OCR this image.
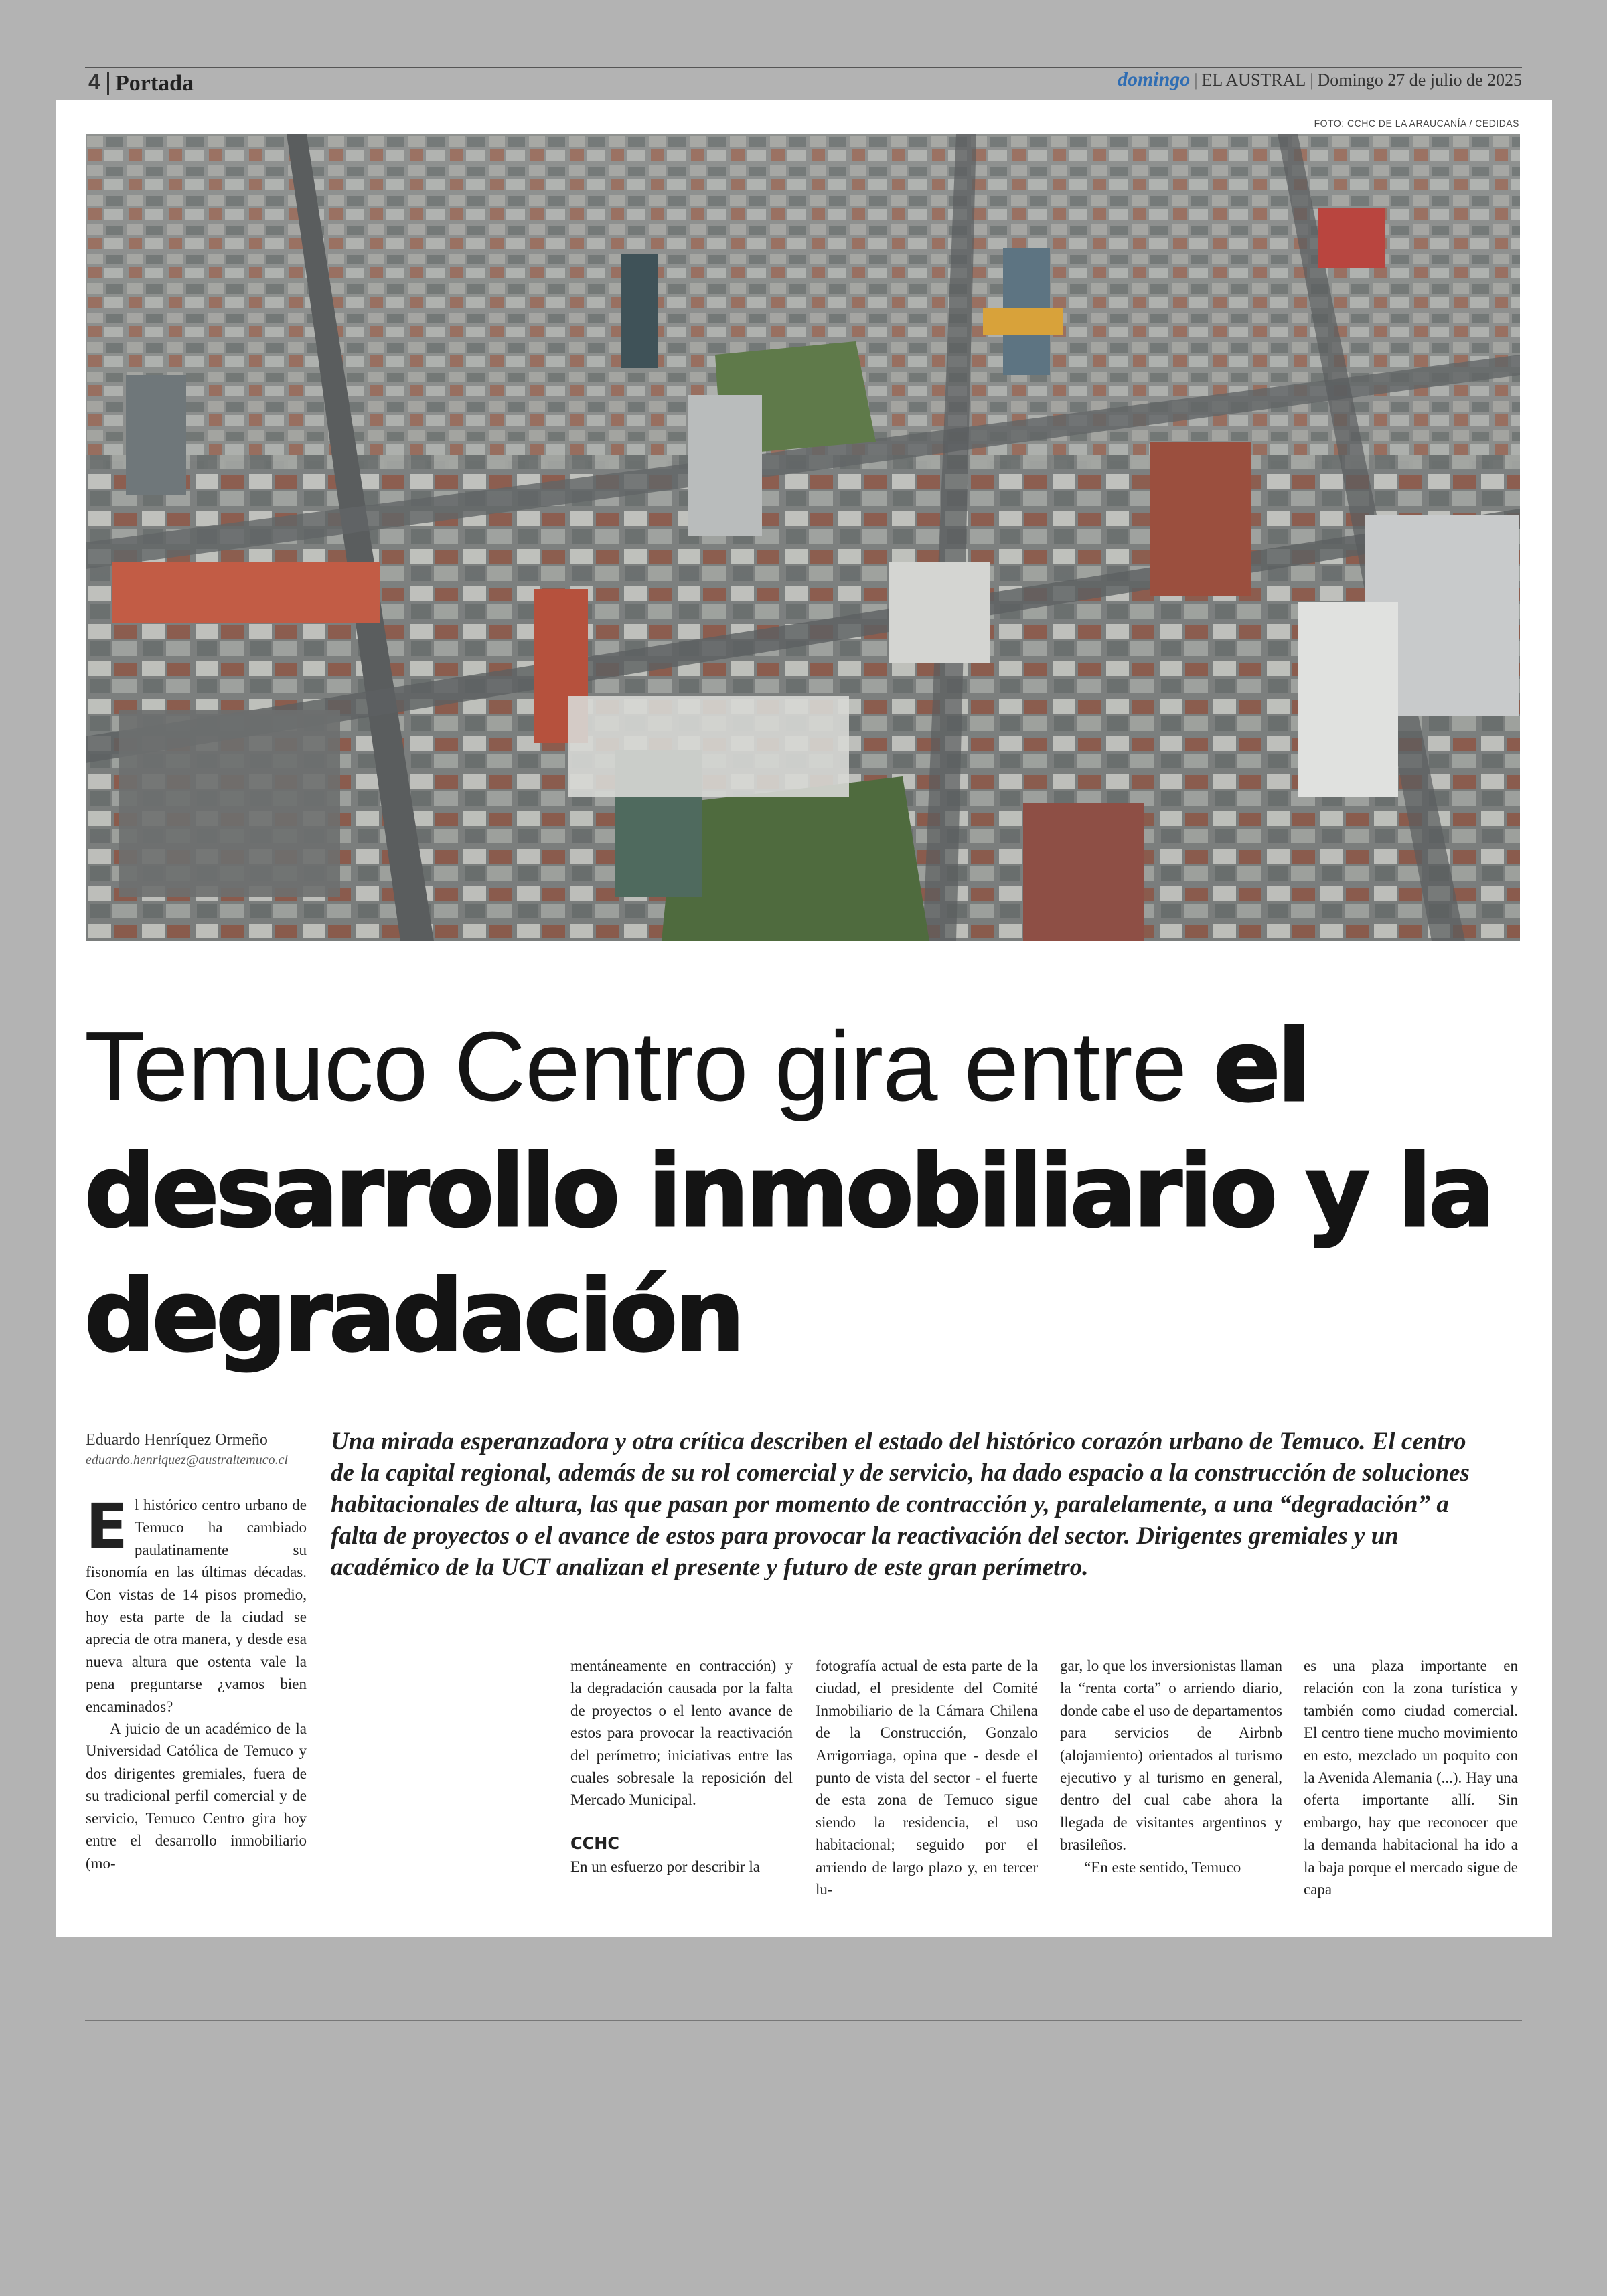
4 Portada	domingo | EL AUSTRAL | Domingo 27 de julio de 2025
FOTO: CCHC DE LA ARAUCANÍA / CEDIDAS
Temuco Centro gira entre el desarrollo inmobiliario y la degradación
Eduardo Henríquez Ormeño
eduardo.henriquez@australtemuco.cl

Una mirada esperanzadora y otra crítica describen el estado del histórico corazón urbano de Temuco. El centro de la capital regional, además de su rol comercial y de servicio, ha dado espacio a la construcción de soluciones habitacionales de altura, las que pasan por momento de contracción y, paralelamente, a una “degradación” a falta de proyectos o el avance de estos para provocar la reactivación del sector. Dirigentes gremiales y un académico de la UCT analizan el presente y futuro de este gran perímetro.

E l histórico centro urbano de Temuco ha cambiado paulatinamente su fisonomía en las últimas décadas. Con vistas de 14 pisos promedio, hoy esta parte de la ciudad se aprecia de otra manera, y desde esa nueva altura que ostenta vale la pena preguntarse ¿vamos bien encaminados?

A juicio de un académico de la Universidad Católica de Temuco y dos dirigentes gremiales, fuera de su tradicional perfil comercial y de servicio, Temuco Centro gira hoy entre el desarrollo inmobiliario (mo-

mentáneamente en contracción) y la degradación causada por la falta de proyectos o el lento avance de estos para provocar la reactivación del perímetro; iniciativas entre las cuales sobresale la reposición del Mercado Municipal.

CCHC

En un esfuerzo por describir la

fotografía actual de esta parte de la ciudad, el presidente del Comité Inmobiliario de la Cámara Chilena de la Construcción, Gonzalo Arrigorriaga, opina que - desde el punto de vista del sector - el fuerte de esta zona de Temuco sigue siendo la residencia, el uso habitacional; seguido por el arriendo de largo plazo y, en tercer lu-

gar, lo que los inversionistas llaman la “renta corta” o arriendo diario, donde cabe el uso de departamentos para servicios de Airbnb (alojamiento) orientados al turismo ejecutivo y al turismo en general, dentro del cual cabe ahora la llegada de visitantes argentinos y brasileños.

“En este sentido, Temuco

es una plaza importante en relación con la zona turística y también como ciudad comercial. El centro tiene mucho movimiento en esto, mezclado un poquito con la Avenida Alemania (...). Hay una oferta importante allí. Sin embargo, hay que reconocer que la demanda habitacional ha ido a la baja porque el mercado sigue de capa
